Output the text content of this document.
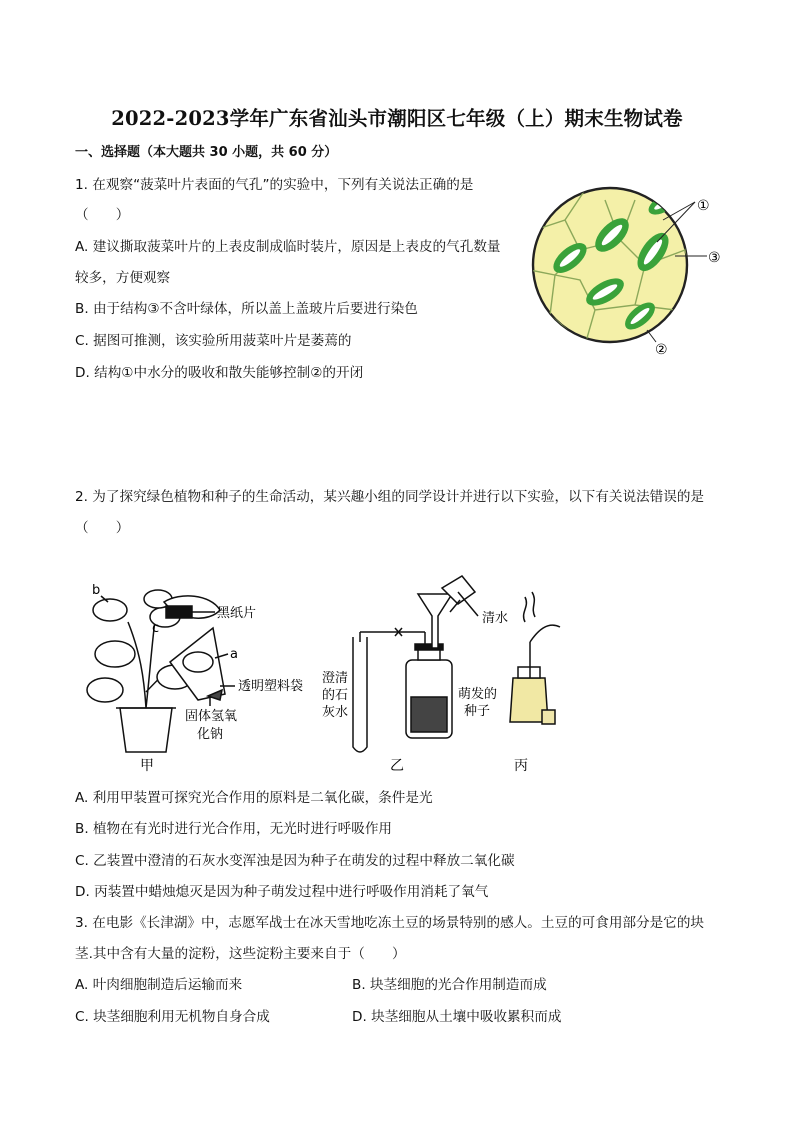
2022-2023学年广东省汕头市潮阳区七年级（上）期末生物试卷
一、选择题（本大题共 30 小题，共 60 分）
1. 在观察“菠菜叶片表面的气孔”的实验中，下列有关说法正确的是
（　　）
A. 建议撕取菠菜叶片的上表皮制成临时装片，原因是上表皮的气孔数量
较多，方便观察
B. 由于结构③不含叶绿体，所以盖上盖玻片后要进行染色
C. 据图可推测，该实验所用菠菜叶片是萎蔫的
D. 结构①中水分的吸收和散失能够控制②的开闭
①
③
②
2. 为了探究绿色植物和种子的生命活动，某兴趣小组的同学设计并进行以下实验，以下有关说法错误的是
（　　）
b
c
a
黑纸片
透明塑料袋
固体氢氧
化钠
清水
澄清
的石
灰水
萌发的
种子
甲	乙	丙
A. 利用甲装置可探究光合作用的原料是二氧化碳，条件是光
B. 植物在有光时进行光合作用，无光时进行呼吸作用
C. 乙装置中澄清的石灰水变浑浊是因为种子在萌发的过程中释放二氧化碳
D. 丙装置中蜡烛熄灭是因为种子萌发过程中进行呼吸作用消耗了氧气
3. 在电影《长津湖》中，志愿军战士在冰天雪地吃冻土豆的场景特别的感人。土豆的可食用部分是它的块
茎.其中含有大量的淀粉，这些淀粉主要来自于（　　）
A. 叶肉细胞制造后运输而来	B. 块茎细胞的光合作用制造而成
C. 块茎细胞利用无机物自身合成	D. 块茎细胞从土壤中吸收累积而成
